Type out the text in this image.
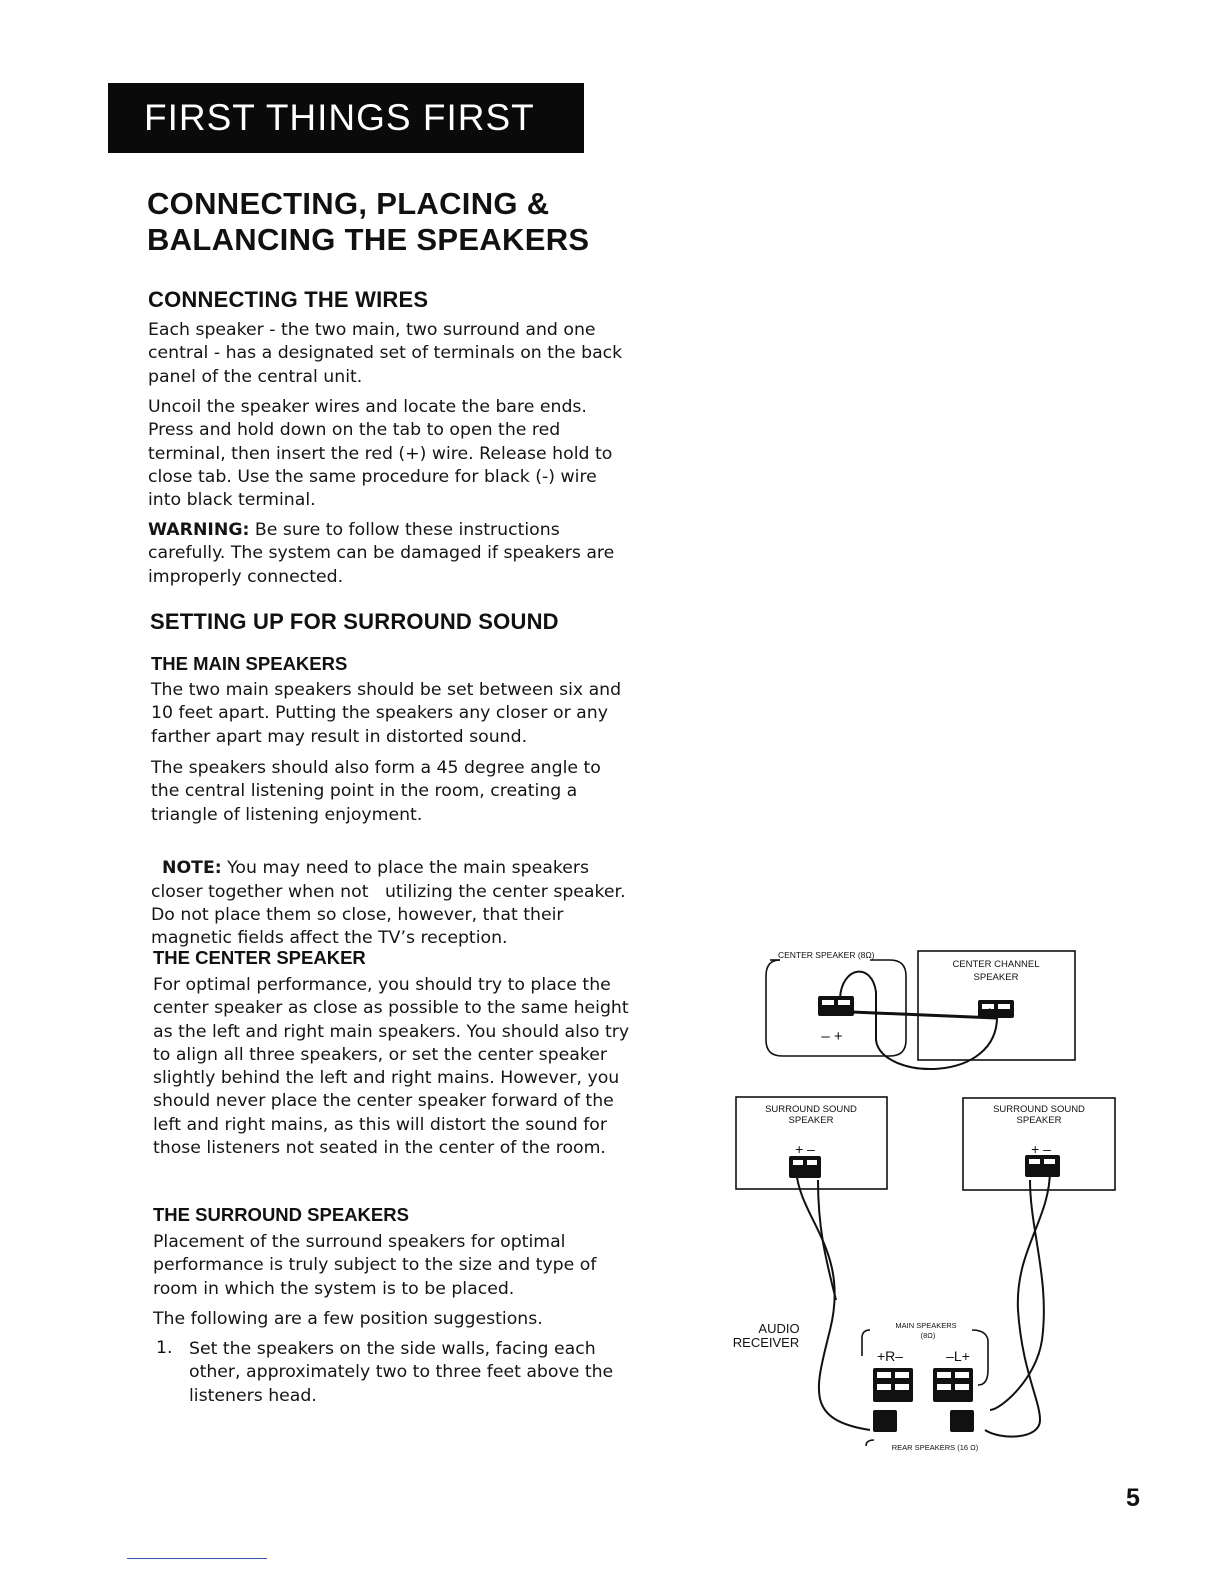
FIRST THINGS FIRST
CONNECTING, PLACING &
BALANCING THE SPEAKERS
CONNECTING THE WIRES

Each speaker - the two main, two surround and one central - has a designated set of terminals on the back panel of the central unit.

Uncoil the speaker wires and locate the bare ends. Press and hold down on the tab to open the red terminal, then insert the red (+) wire. Release hold to close tab. Use the same procedure for black (-) wire into black terminal.

WARNING: Be sure to follow these instructions carefully. The system can be damaged if speakers are improperly connected.

SETTING UP FOR SURROUND SOUND
THE MAIN SPEAKERS

The two main speakers should be set between six and 10 feet apart. Putting the speakers any closer or any farther apart may result in distorted sound.

The speakers should also form a 45 degree angle to the central listening point in the room, creating a triangle of listening enjoyment.

NOTE: You may need to place the main speakers closer together when not   utilizing the center speaker. Do not place them so close, however, that their magnetic fields affect the TV’s reception.

THE CENTER SPEAKER

For optimal performance, you should try to place the center speaker as close as possible to the same height as the left and right main speakers. You should also try to align all three speakers, or set the center speaker slightly behind the left and right mains. However, you should never place the center speaker forward of the left and right mains, as this will distort the sound for those listeners not seated in the center of the room.

THE SURROUND SPEAKERS

Placement of the surround speakers for optimal performance is truly subject to the size and type of room in which the system is to be placed.

The following are a few position suggestions.

1. Set the speakers on the side walls, facing each other, approximately two to three feet above the listeners head.

CENTER SPEAKER (8Ω)
CENTER CHANNEL
SPEAKER
+ –
– +
SURROUND SOUND
SPEAKER
+ –
SURROUND SOUND
SPEAKER
+ –
AUDIO
RECEIVER
MAIN SPEAKERS
(8Ω)
+R–	–L+
REAR SPEAKERS (16 Ω)
5
